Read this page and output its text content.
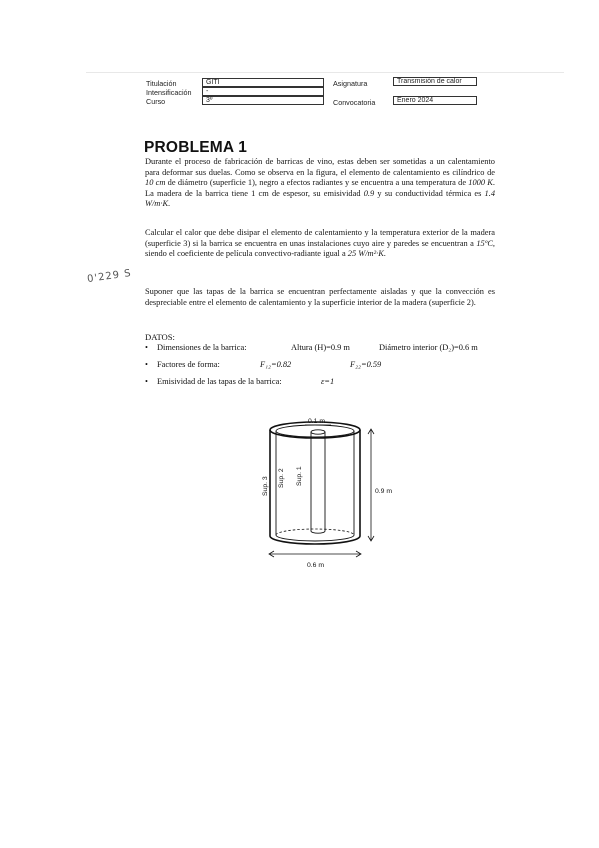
Titulación	GITI
Intensificación	-
Curso	3º
Asignatura	Transmisión de calor
Convocatoria	Enero 2024
PROBLEMA 1

Durante el proceso de fabricación de barricas de vino, estas deben ser sometidas a un calentamiento para deformar sus duelas. Como se observa en la figura, el elemento de calentamiento es cilíndrico de 10 cm de diámetro (superficie 1), negro a efectos radiantes y se encuentra a una temperatura de 1000 K. La madera de la barrica tiene 1 cm de espesor, su emisividad 0.9 y su conductividad térmica es 1.4 W/m·K.

Calcular el calor que debe disipar el elemento de calentamiento y la temperatura exterior de la madera (superficie 3) si la barrica se encuentra en unas instalaciones cuyo aire y paredes se encuentran a 15ºC, siendo el coeficiente de película convectivo-radiante igual a 25 W/m²·K.

0'229 S

Suponer que las tapas de la barrica se encuentran perfectamente aisladas y que la convección es despreciable entre el elemento de calentamiento y la superficie interior de la madera (superficie 2).

DATOS:

• Dimensiones de la barrica:	Altura (H)=0.9 m	Diámetro interior (D₂)=0.6 m
• Factores de forma:	F₁₂=0.82	F₂₂=0.59
• Emisividad de las tapas de la barrica:	ε=1
0.1 m
0.9 m
0.6 m
Sup. 3 Sup. 2 Sup. 1
